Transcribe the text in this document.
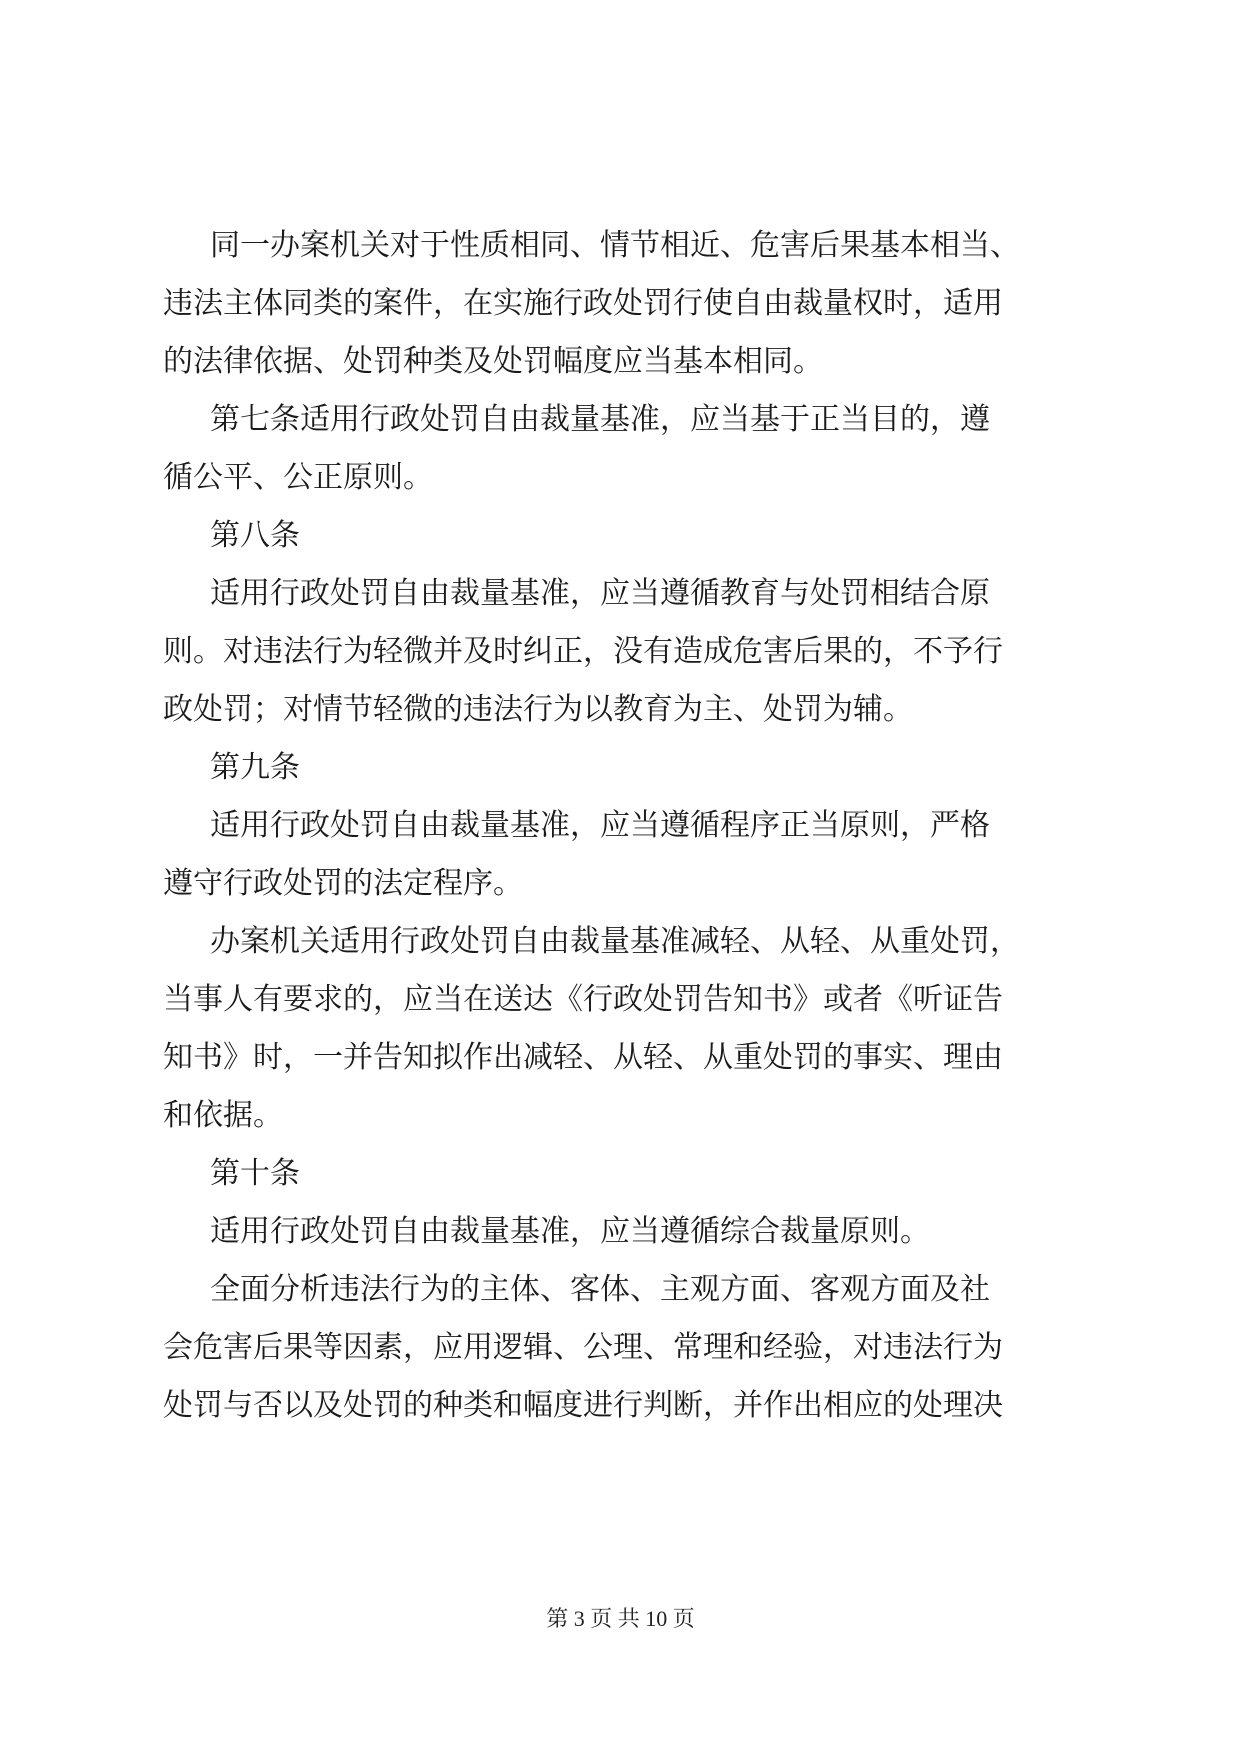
同一办案机关对于性质相同、情节相近、危害后果基本相当、
违法主体同类的案件，在实施行政处罚行使自由裁量权时，适用
的法律依据、处罚种类及处罚幅度应当基本相同。
第七条适用行政处罚自由裁量基准，应当基于正当目的，遵
循公平、公正原则。
第八条
适用行政处罚自由裁量基准，应当遵循教育与处罚相结合原
则。对违法行为轻微并及时纠正，没有造成危害后果的，不予行
政处罚；对情节轻微的违法行为以教育为主、处罚为辅。
第九条
适用行政处罚自由裁量基准，应当遵循程序正当原则，严格
遵守行政处罚的法定程序。
办案机关适用行政处罚自由裁量基准减轻、从轻、从重处罚，
当事人有要求的，应当在送达《行政处罚告知书》或者《听证告
知书》时，一并告知拟作出减轻、从轻、从重处罚的事实、理由
和依据。
第十条
适用行政处罚自由裁量基准，应当遵循综合裁量原则。
全面分析违法行为的主体、客体、主观方面、客观方面及社
会危害后果等因素，应用逻辑、公理、常理和经验，对违法行为
处罚与否以及处罚的种类和幅度进行判断，并作出相应的处理决
第 3 页 共 10 页
